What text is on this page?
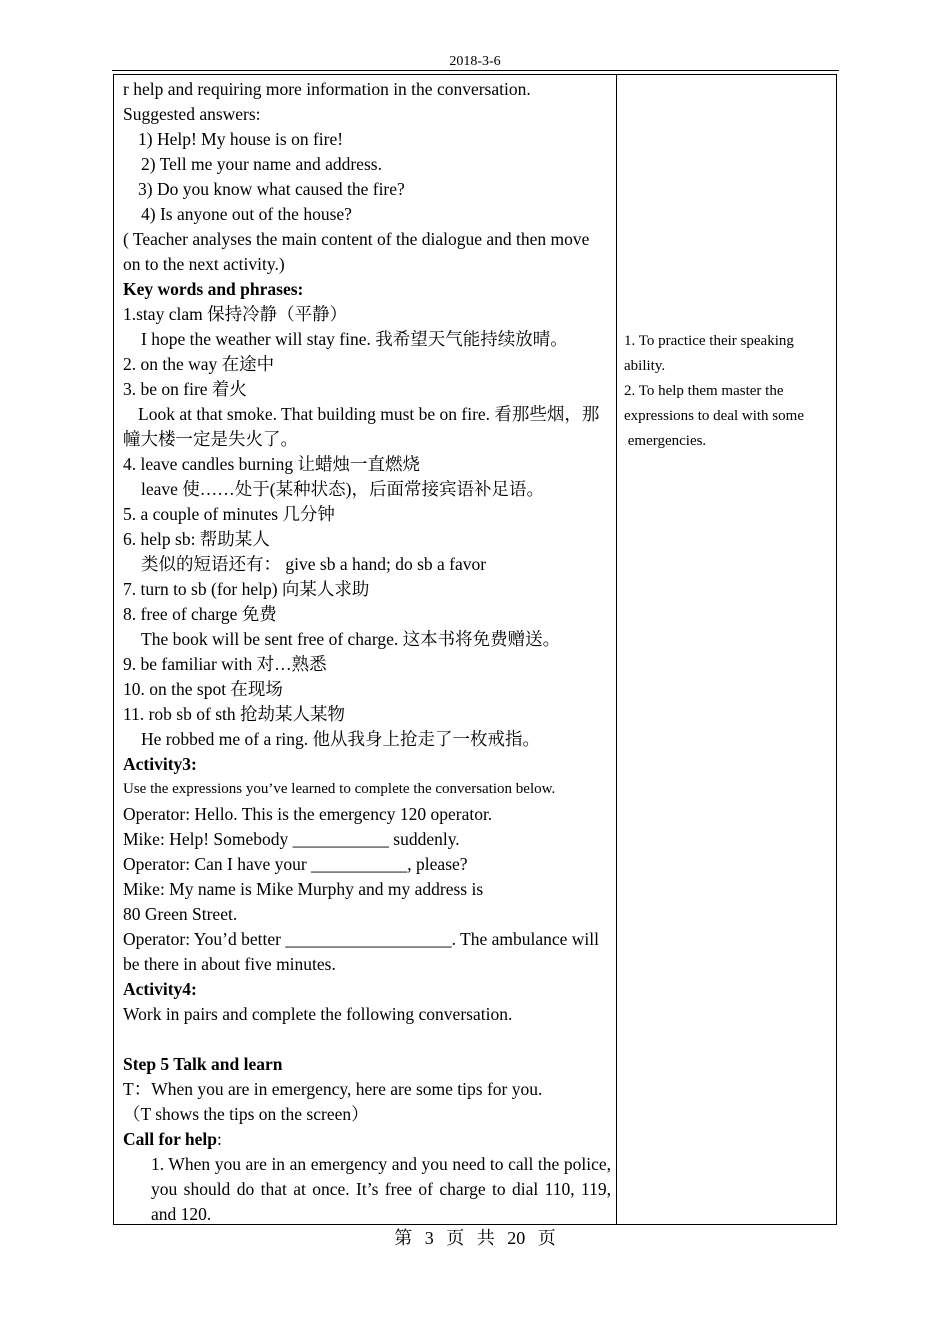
2018-3-6
r help and requiring more information in the conversation.
Suggested answers:
1) Help! My house is on fire!
2) Tell me your name and address.
3) Do you know what caused the fire?
4) Is anyone out of the house?
( Teacher analyses the main content of the dialogue and then move on to the next activity.)
Key words and phrases:
1.stay clam 保持冷静（平静）
I hope the weather will stay fine. 我希望天气能持续放晴。
2. on the way 在途中
3. be on fire 着火
Look at that smoke. That building must be on fire. 看那些烟，那幢大楼一定是失火了。
4. leave candles burning 让蜡烛一直燃烧
leave 使……处于(某种状态)，后面常接宾语补足语。
5. a couple of minutes 几分钟
6. help sb: 帮助某人
类似的短语还有： give sb a hand; do sb a favor
7. turn to sb (for help) 向某人求助
8. free of charge 免费
The book will be sent free of charge. 这本书将免费赠送。
9. be familiar with 对…熟悉
10. on the spot 在现场
11. rob sb of sth 抢劫某人某物
He robbed me of a ring. 他从我身上抢走了一枚戒指。
Activity3:
Use the expressions you’ve learned to complete the conversation below.
Operator: Hello. This is the emergency 120 operator.
Mike: Help! Somebody ___________ suddenly.
Operator: Can I have your ___________, please?
Mike: My name is Mike Murphy and my address is
80 Green Street.
Operator: You’d better ___________________. The ambulance will be there in about five minutes.
Activity4:
Work in pairs and complete the following conversation.
Step 5 Talk and learn
T：When you are in emergency, here are some tips for you.
（T shows the tips on the screen）
Call for help:
1. When you are in an emergency and you need to call the police, you should do that at once. It’s free of charge to dial 110, 119, and 120.
1. To practice their speaking
ability.
2. To help them master the
expressions to deal with some
emergencies.
第 3 页 共 20 页
